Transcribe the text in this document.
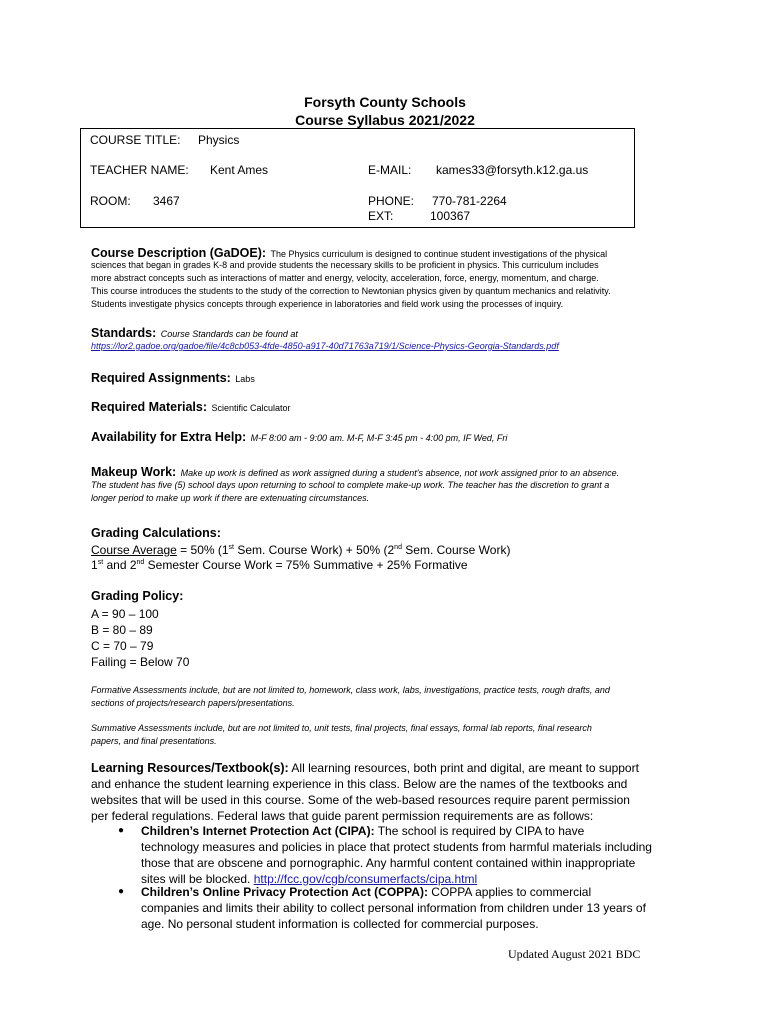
Forsyth County Schools
Course Syllabus 2021/2022
COURSE TITLE: Physics
TEACHER NAME: Kent Ames	E-MAIL: kames33@forsyth.k12.ga.us
ROOM: 3467	PHONE: 770-781-2264
EXT:	100367
Course Description (GaDOE): The Physics curriculum is designed to continue student investigations of the physical
sciences that began in grades K-8 and provide students the necessary skills to be proficient in physics. This curriculum includes
more abstract concepts such as interactions of matter and energy, velocity, acceleration, force, energy, momentum, and charge.
This course introduces the students to the study of the correction to Newtonian physics given by quantum mechanics and relativity.
Students investigate physics concepts through experience in laboratories and field work using the processes of inquiry.
Standards: Course Standards can be found at
https://lor2.gadoe.org/gadoe/file/4c8cb053-4fde-4850-a917-40d71763a719/1/Science-Physics-Georgia-Standards.pdf
Required Assignments: Labs
Required Materials: Scientific Calculator
Availability for Extra Help: M-F 8:00 am - 9:00 am. M-F, M-F 3:45 pm - 4:00 pm, IF Wed, Fri
Makeup Work: Make up work is defined as work assigned during a student's absence, not work assigned prior to an absence.
The student has five (5) school days upon returning to school to complete make-up work. The teacher has the discretion to grant a
longer period to make up work if there are extenuating circumstances.
Grading Calculations:
Course Average = 50% (1st Sem. Course Work) + 50% (2nd Sem. Course Work)
1st and 2nd Semester Course Work = 75% Summative + 25% Formative
Grading Policy:
A = 90 – 100
B = 80 – 89
C = 70 – 79
Failing = Below 70
Formative Assessments include, but are not limited to, homework, class work, labs, investigations, practice tests, rough drafts, and
sections of projects/research papers/presentations.
Summative Assessments include, but are not limited to, unit tests, final projects, final essays, formal lab reports, final research
papers, and final presentations.
Learning Resources/Textbook(s): All learning resources, both print and digital, are meant to support
and enhance the student learning experience in this class. Below are the names of the textbooks and
websites that will be used in this course. Some of the web-based resources require parent permission
per federal regulations. Federal laws that guide parent permission requirements are as follows:
● Children’s Internet Protection Act (CIPA): The school is required by CIPA to have
technology measures and policies in place that protect students from harmful materials including
those that are obscene and pornographic. Any harmful content contained within inappropriate
sites will be blocked. http://fcc.gov/cgb/consumerfacts/cipa.html
● Children’s Online Privacy Protection Act (COPPA): COPPA applies to commercial
companies and limits their ability to collect personal information from children under 13 years of
age. No personal student information is collected for commercial purposes.
Updated August 2021 BDC
